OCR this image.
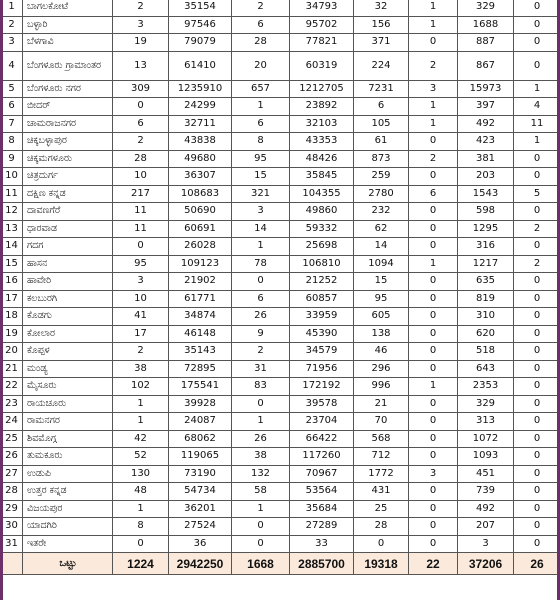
1	ಬಾಗಲಕೋಟೆ	2	35154	2	34793	32	1	329	0
2	ಬಳ್ಳಾರಿ	3	97546	6	95702	156	1	1688	0
3	ಬೆಳಗಾವಿ	19	79079	28	77821	371	0	887	0
4	ಬೆಂಗಳೂರು ಗ್ರಾಮಾಂತರ	13	61410	20	60319	224	2	867	0
5	ಬೆಂಗಳೂರು ನಗರ	309	1235910	657	1212705	7231	3	15973	1
6	ಬೀದರ್	0	24299	1	23892	6	1	397	4
7	ಚಾಮರಾಜನಗರ	6	32711	6	32103	105	1	492	11
8	ಚಿಕ್ಕಬಳ್ಳಾಪುರ	2	43838	8	43353	61	0	423	1
9	ಚಿಕ್ಕಮಗಳೂರು	28	49680	95	48426	873	2	381	0
10	ಚಿತ್ರದುರ್ಗ	10	36307	15	35845	259	0	203	0
11	ದಕ್ಷಿಣ ಕನ್ನಡ	217	108683	321	104355	2780	6	1543	5
12	ದಾವಣಗೆರೆ	11	50690	3	49860	232	0	598	0
13	ಧಾರವಾಡ	11	60691	14	59332	62	0	1295	2
14	ಗದಗ	0	26028	1	25698	14	0	316	0
15	ಹಾಸನ	95	109123	78	106810	1094	1	1217	2
16	ಹಾವೇರಿ	3	21902	0	21252	15	0	635	0
17	ಕಲಬುರಗಿ	10	61771	6	60857	95	0	819	0
18	ಕೊಡಗು	41	34874	26	33959	605	0	310	0
19	ಕೋಲಾರ	17	46148	9	45390	138	0	620	0
20	ಕೊಪ್ಪಳ	2	35143	2	34579	46	0	518	0
21	ಮಂಡ್ಯ	38	72895	31	71956	296	0	643	0
22	ಮೈಸೂರು	102	175541	83	172192	996	1	2353	0
23	ರಾಯಚೂರು	1	39928	0	39578	21	0	329	0
24	ರಾಮನಗರ	1	24087	1	23704	70	0	313	0
25	ಶಿವಮೊಗ್ಗ	42	68062	26	66422	568	0	1072	0
26	ತುಮಕೂರು	52	119065	38	117260	712	0	1093	0
27	ಉಡುಪಿ	130	73190	132	70967	1772	3	451	0
28	ಉತ್ತರ ಕನ್ನಡ	48	54734	58	53564	431	0	739	0
29	ವಿಜಯಪುರ	1	36201	1	35684	25	0	492	0
30	ಯಾದಗಿರಿ	8	27524	0	27289	28	0	207	0
31	ಇತರೇ	0	36	0	33	0	0	3	0
	ಒಟ್ಟು	1224	2942250	1668	2885700	19318	22	37206	26
